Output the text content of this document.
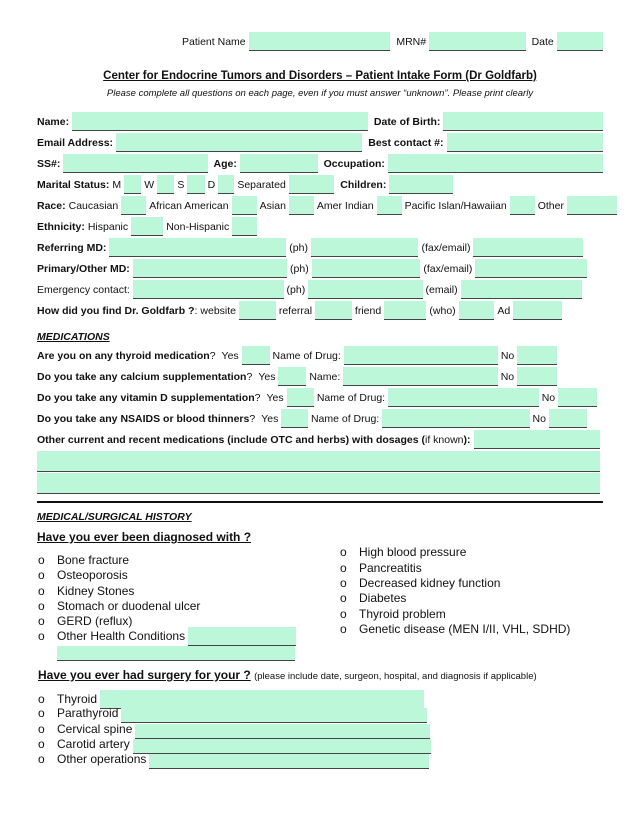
Patient Name	MRN#	Date
Center for Endocrine Tumors and Disorders – Patient Intake Form (Dr Goldfarb)
Please complete all questions on each page, even if you must answer “unknown”. Please print clearly
Name:	Date of Birth:
Email Address:	Best contact #:
SS#:	Age:	Occupation:
Marital Status: M W S D Separated	Children:
Race: Caucasian	African American	Asian	Amer Indian	Pacific Islan/Hawaiian	Other
Ethnicity: Hispanic	Non-Hispanic
Referring MD:	(ph)	(fax/email)
Primary/Other MD:	(ph)	(fax/email)
Emergency contact:	(ph)	(email)
How did you find Dr. Goldfarb ? : website	referral	friend	(who)	Ad
MEDICATIONS
Are you on any thyroid medication ? Yes	Name of Drug:	No
Do you take any calcium supplementation ? Yes	Name:	No
Do you take any vitamin D supplementation ? Yes	Name of Drug:	No
Do you take any NSAIDS or blood thinners ? Yes	Name of Drug:	No
Other current and recent medications (include OTC and herbs) with dosages ( if known ):
MEDICAL/SURGICAL HISTORY
Have you ever been diagnosed with ?
o Bone fracture
o Osteoporosis
o Kidney Stones
o Stomach or duodenal ulcer
o GERD (reflux)
o	Other Health Conditions
o High blood pressure
o Pancreatitis
o Decreased kidney function
o Diabetes
o Thyroid problem
o Genetic disease (MEN I/II, VHL, SDHD)
Have you ever had surgery for your ? (please include date, surgeon, hospital, and diagnosis if applicable)
o	Thyroid
o	Parathyroid
o	Cervical spine
o	Carotid artery
o	Other operations
